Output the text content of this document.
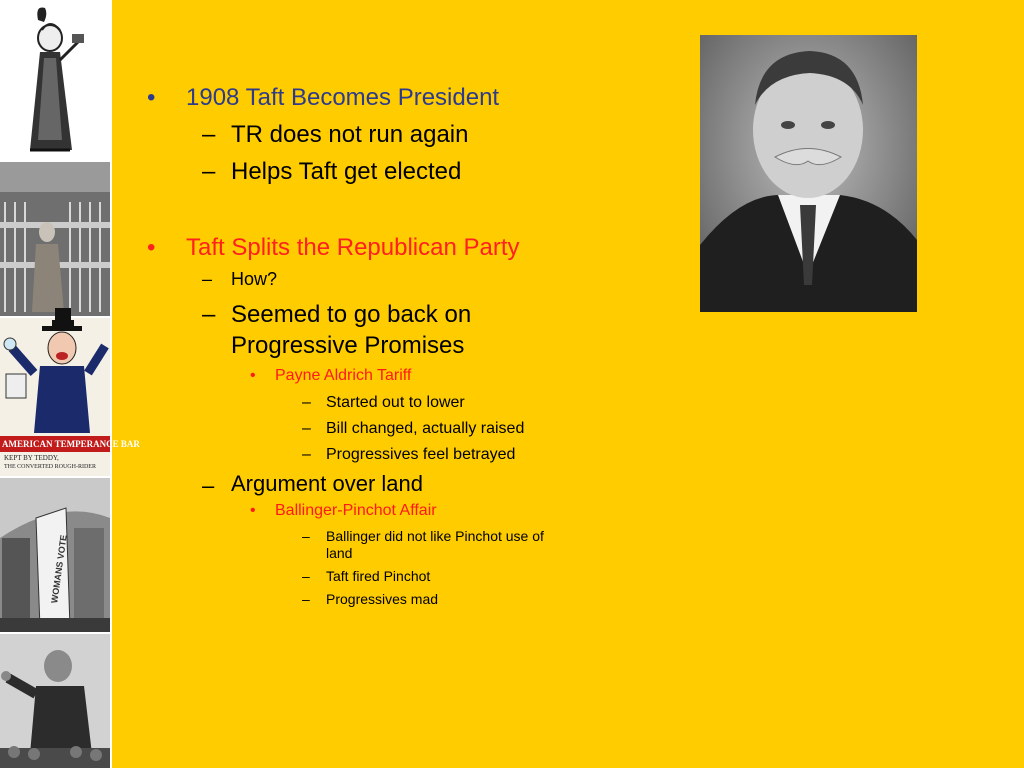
AMERICAN TEMPERANCE BAR
KEPT BY TEDDY,
THE CONVERTED ROUGH-RIDER
WOMANS VOTE
• 1908 Taft Becomes President
– TR does not run again
– Helps Taft get elected
• Taft Splits the Republican Party
– How?
– Seemed to go back on
Progressive Promises
• Payne Aldrich Tariff
– Started out to lower
– Bill changed, actually raised
– Progressives feel betrayed
– Argument over land
• Ballinger-Pinchot Affair
– Ballinger did not like Pinchot use of
land
– Taft fired Pinchot
– Progressives mad
